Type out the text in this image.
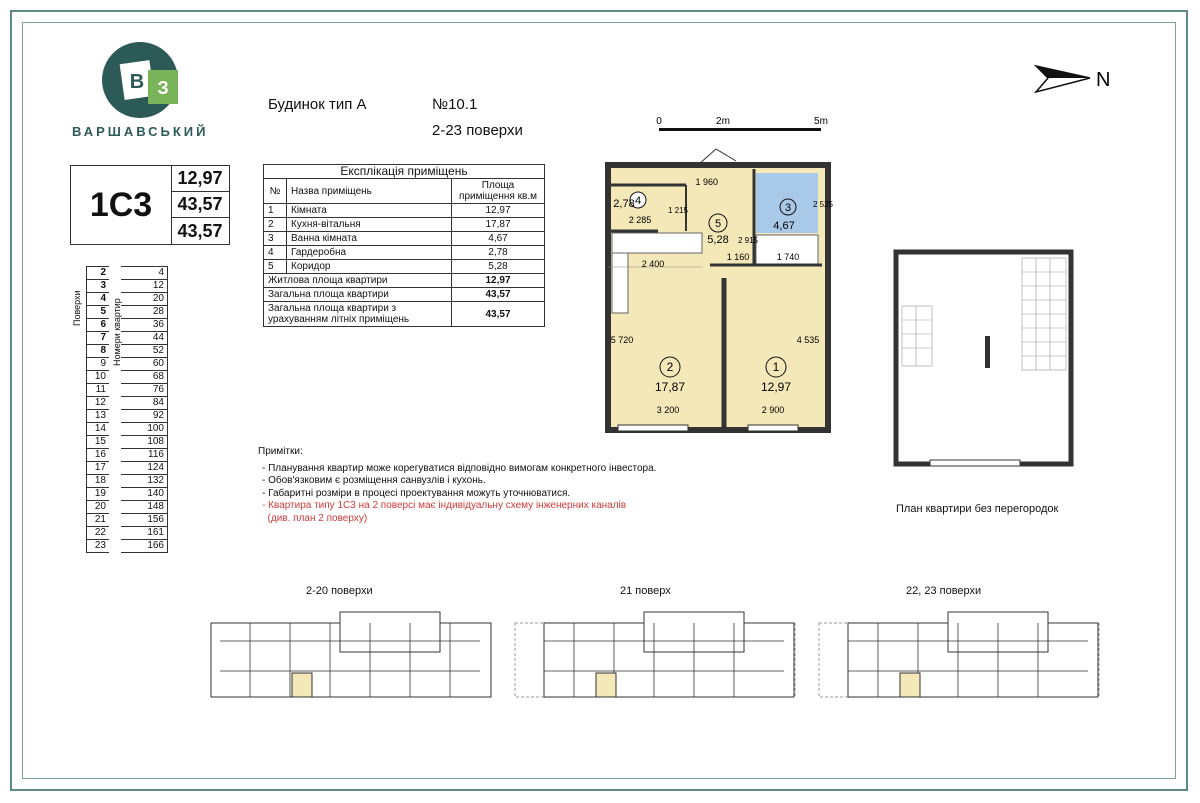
В З
ВАРШАВСЬКИЙ
Будинок тип А	№10.1
2-23 поверхи
1С3
12,97
43,57
43,57
Поверхи	Номери квартир
2	4
3	12
4	20
5	28
6	36
7	44
8	52
9	60
10	68
11	76
12	84
13	92
14	100
15	108
16	116
17	124
18	132
19	140
20	148
21	156
22	161
23	166
Експлікація приміщень		
№	Назва приміщень	Площа приміщення кв.м
1	Кімната	12,97
2	Кухня-вітальня	17,87
3	Ванна кімната	4,67
4	Гардеробна	2,78
5	Коридор	5,28
Житлова площа квартири		12,97
Загальна площа квартири		43,57
Загальна площа квартири з урахуванням літніх приміщень		43,57
Примітки:
- Планування квартир може корегуватися відповідно вимогам конкретного інвестора.
- Обов'язковим є розміщення санвузлів і кухонь.
- Габаритні розміри в процесі проектування можуть уточнюватися.
- Квартира типу 1С3 на 2 поверсі має індивідуальну схему інженерних каналів
(див. план 2 поверху)
0	2m	5m
N
1 960
2 285
1 215
2 915
2 525
1 160	1 740
2 400
5 720	4 535
3 200	2 900
4
2,78
5
5,28
3
4,67
2
17,87
1
12,97
План квартири без перегородок
2-20 поверхи	21 поверх	22, 23 поверхи
